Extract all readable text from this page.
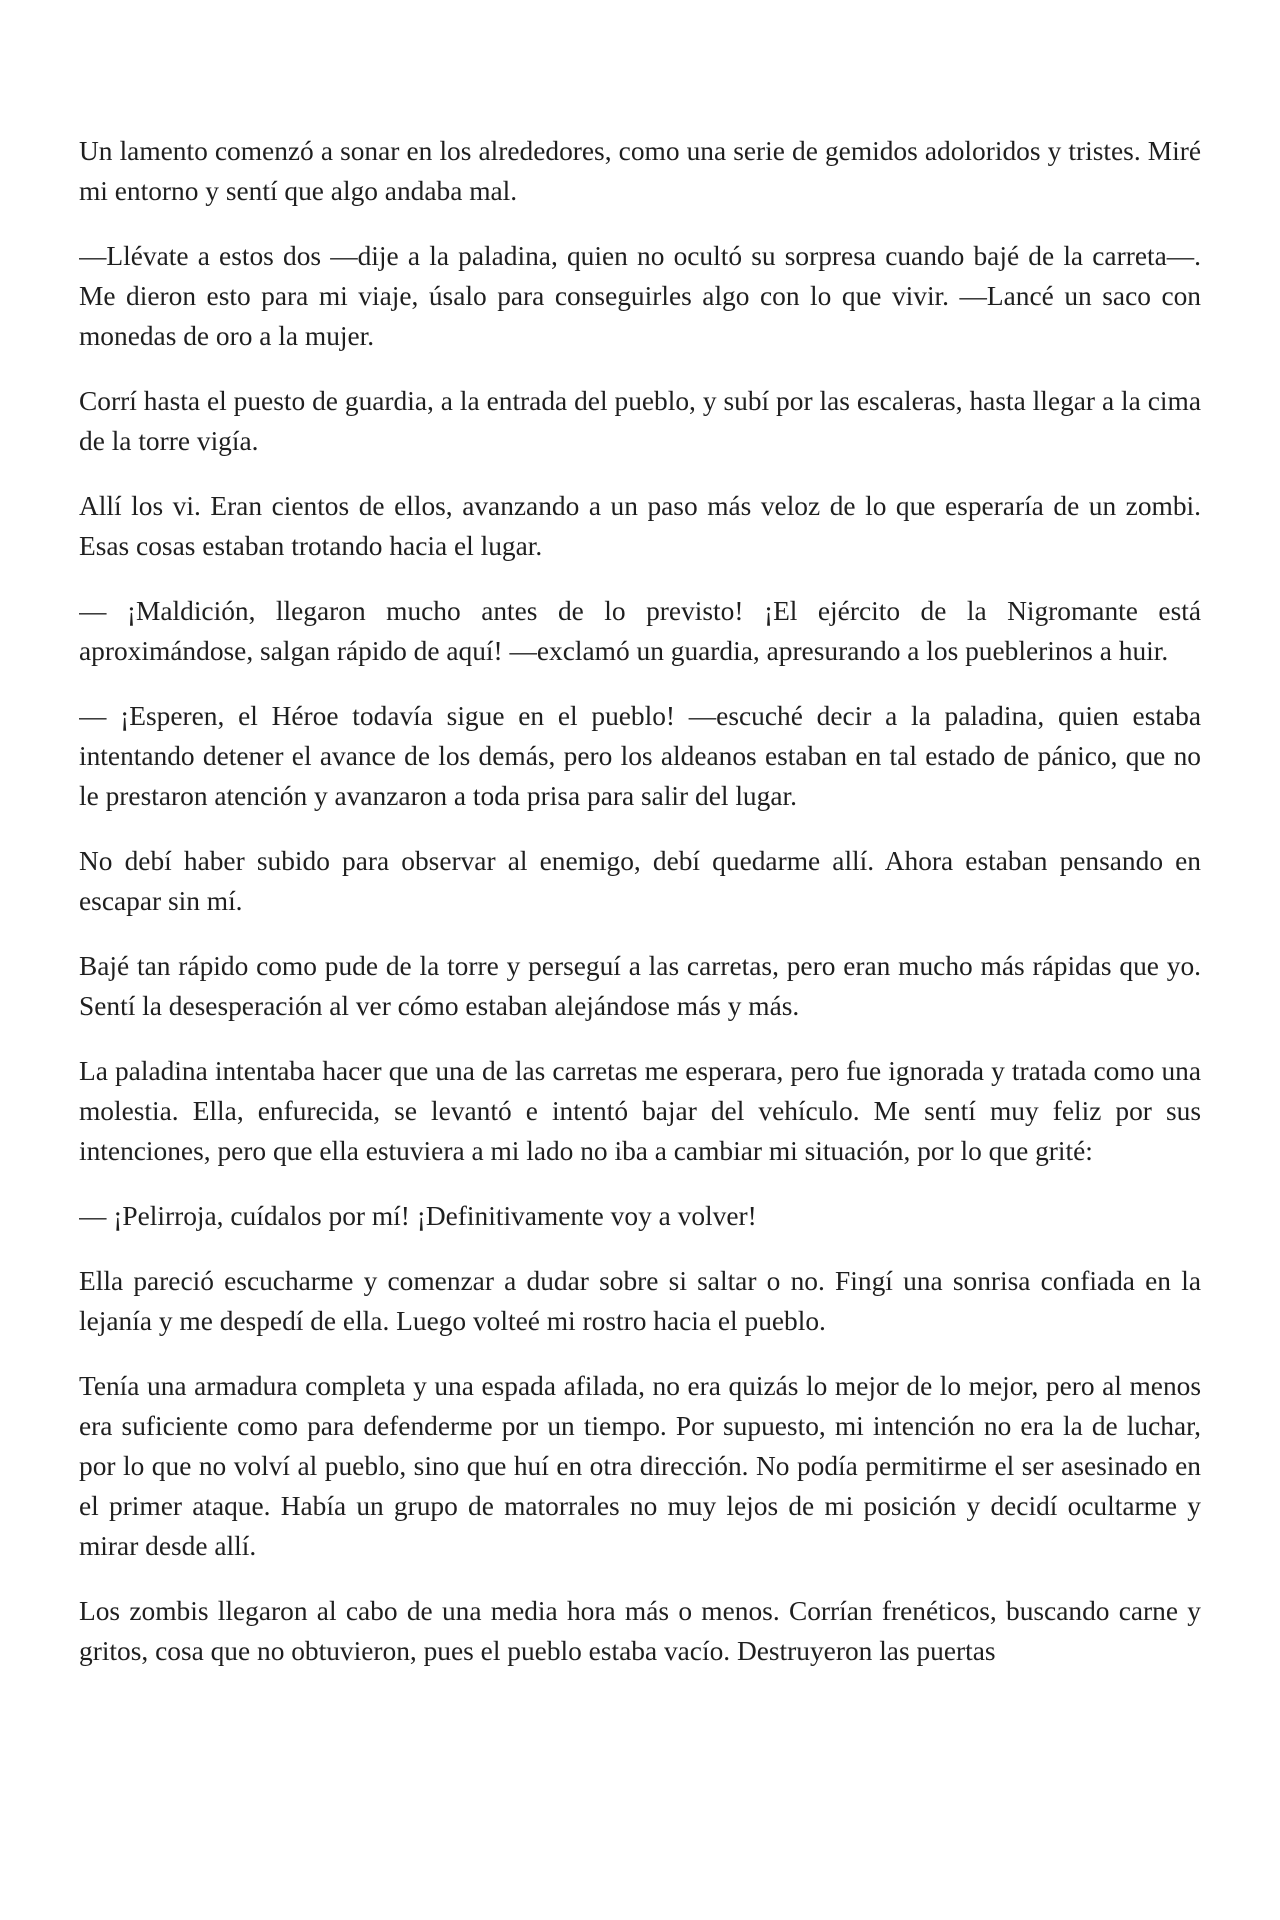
Un lamento comenzó a sonar en los alrededores, como una serie de gemidos adoloridos y tristes. Miré mi entorno y sentí que algo andaba mal.

—Llévate a estos dos —dije a la paladina, quien no ocultó su sorpresa cuando bajé de la carreta—. Me dieron esto para mi viaje, úsalo para conseguirles algo con lo que vivir. —Lancé un saco con monedas de oro a la mujer.

Corrí hasta el puesto de guardia, a la entrada del pueblo, y subí por las escaleras, hasta llegar a la cima de la torre vigía.

Allí los vi. Eran cientos de ellos, avanzando a un paso más veloz de lo que esperaría de un zombi. Esas cosas estaban trotando hacia el lugar.

— ¡Maldición, llegaron mucho antes de lo previsto! ¡El ejército de la Nigromante está aproximándose, salgan rápido de aquí! —exclamó un guardia, apresurando a los pueblerinos a huir.

— ¡Esperen, el Héroe todavía sigue en el pueblo! —escuché decir a la paladina, quien estaba intentando detener el avance de los demás, pero los aldeanos estaban en tal estado de pánico, que no le prestaron atención y avanzaron a toda prisa para salir del lugar.

No debí haber subido para observar al enemigo, debí quedarme allí. Ahora estaban pensando en escapar sin mí.

Bajé tan rápido como pude de la torre y perseguí a las carretas, pero eran mucho más rápidas que yo. Sentí la desesperación al ver cómo estaban alejándose más y más.

La paladina intentaba hacer que una de las carretas me esperara, pero fue ignorada y tratada como una molestia. Ella, enfurecida, se levantó e intentó bajar del vehículo. Me sentí muy feliz por sus intenciones, pero que ella estuviera a mi lado no iba a cambiar mi situación, por lo que grité:

— ¡Pelirroja, cuídalos por mí! ¡Definitivamente voy a volver!

Ella pareció escucharme y comenzar a dudar sobre si saltar o no. Fingí una sonrisa confiada en la lejanía y me despedí de ella. Luego volteé mi rostro hacia el pueblo.

Tenía una armadura completa y una espada afilada, no era quizás lo mejor de lo mejor, pero al menos era suficiente como para defenderme por un tiempo. Por supuesto, mi intención no era la de luchar, por lo que no volví al pueblo, sino que huí en otra dirección. No podía permitirme el ser asesinado en el primer ataque. Había un grupo de matorrales no muy lejos de mi posición y decidí ocultarme y mirar desde allí.

Los zombis llegaron al cabo de una media hora más o menos. Corrían frenéticos, buscando carne y gritos, cosa que no obtuvieron, pues el pueblo estaba vacío. Destruyeron las puertas
